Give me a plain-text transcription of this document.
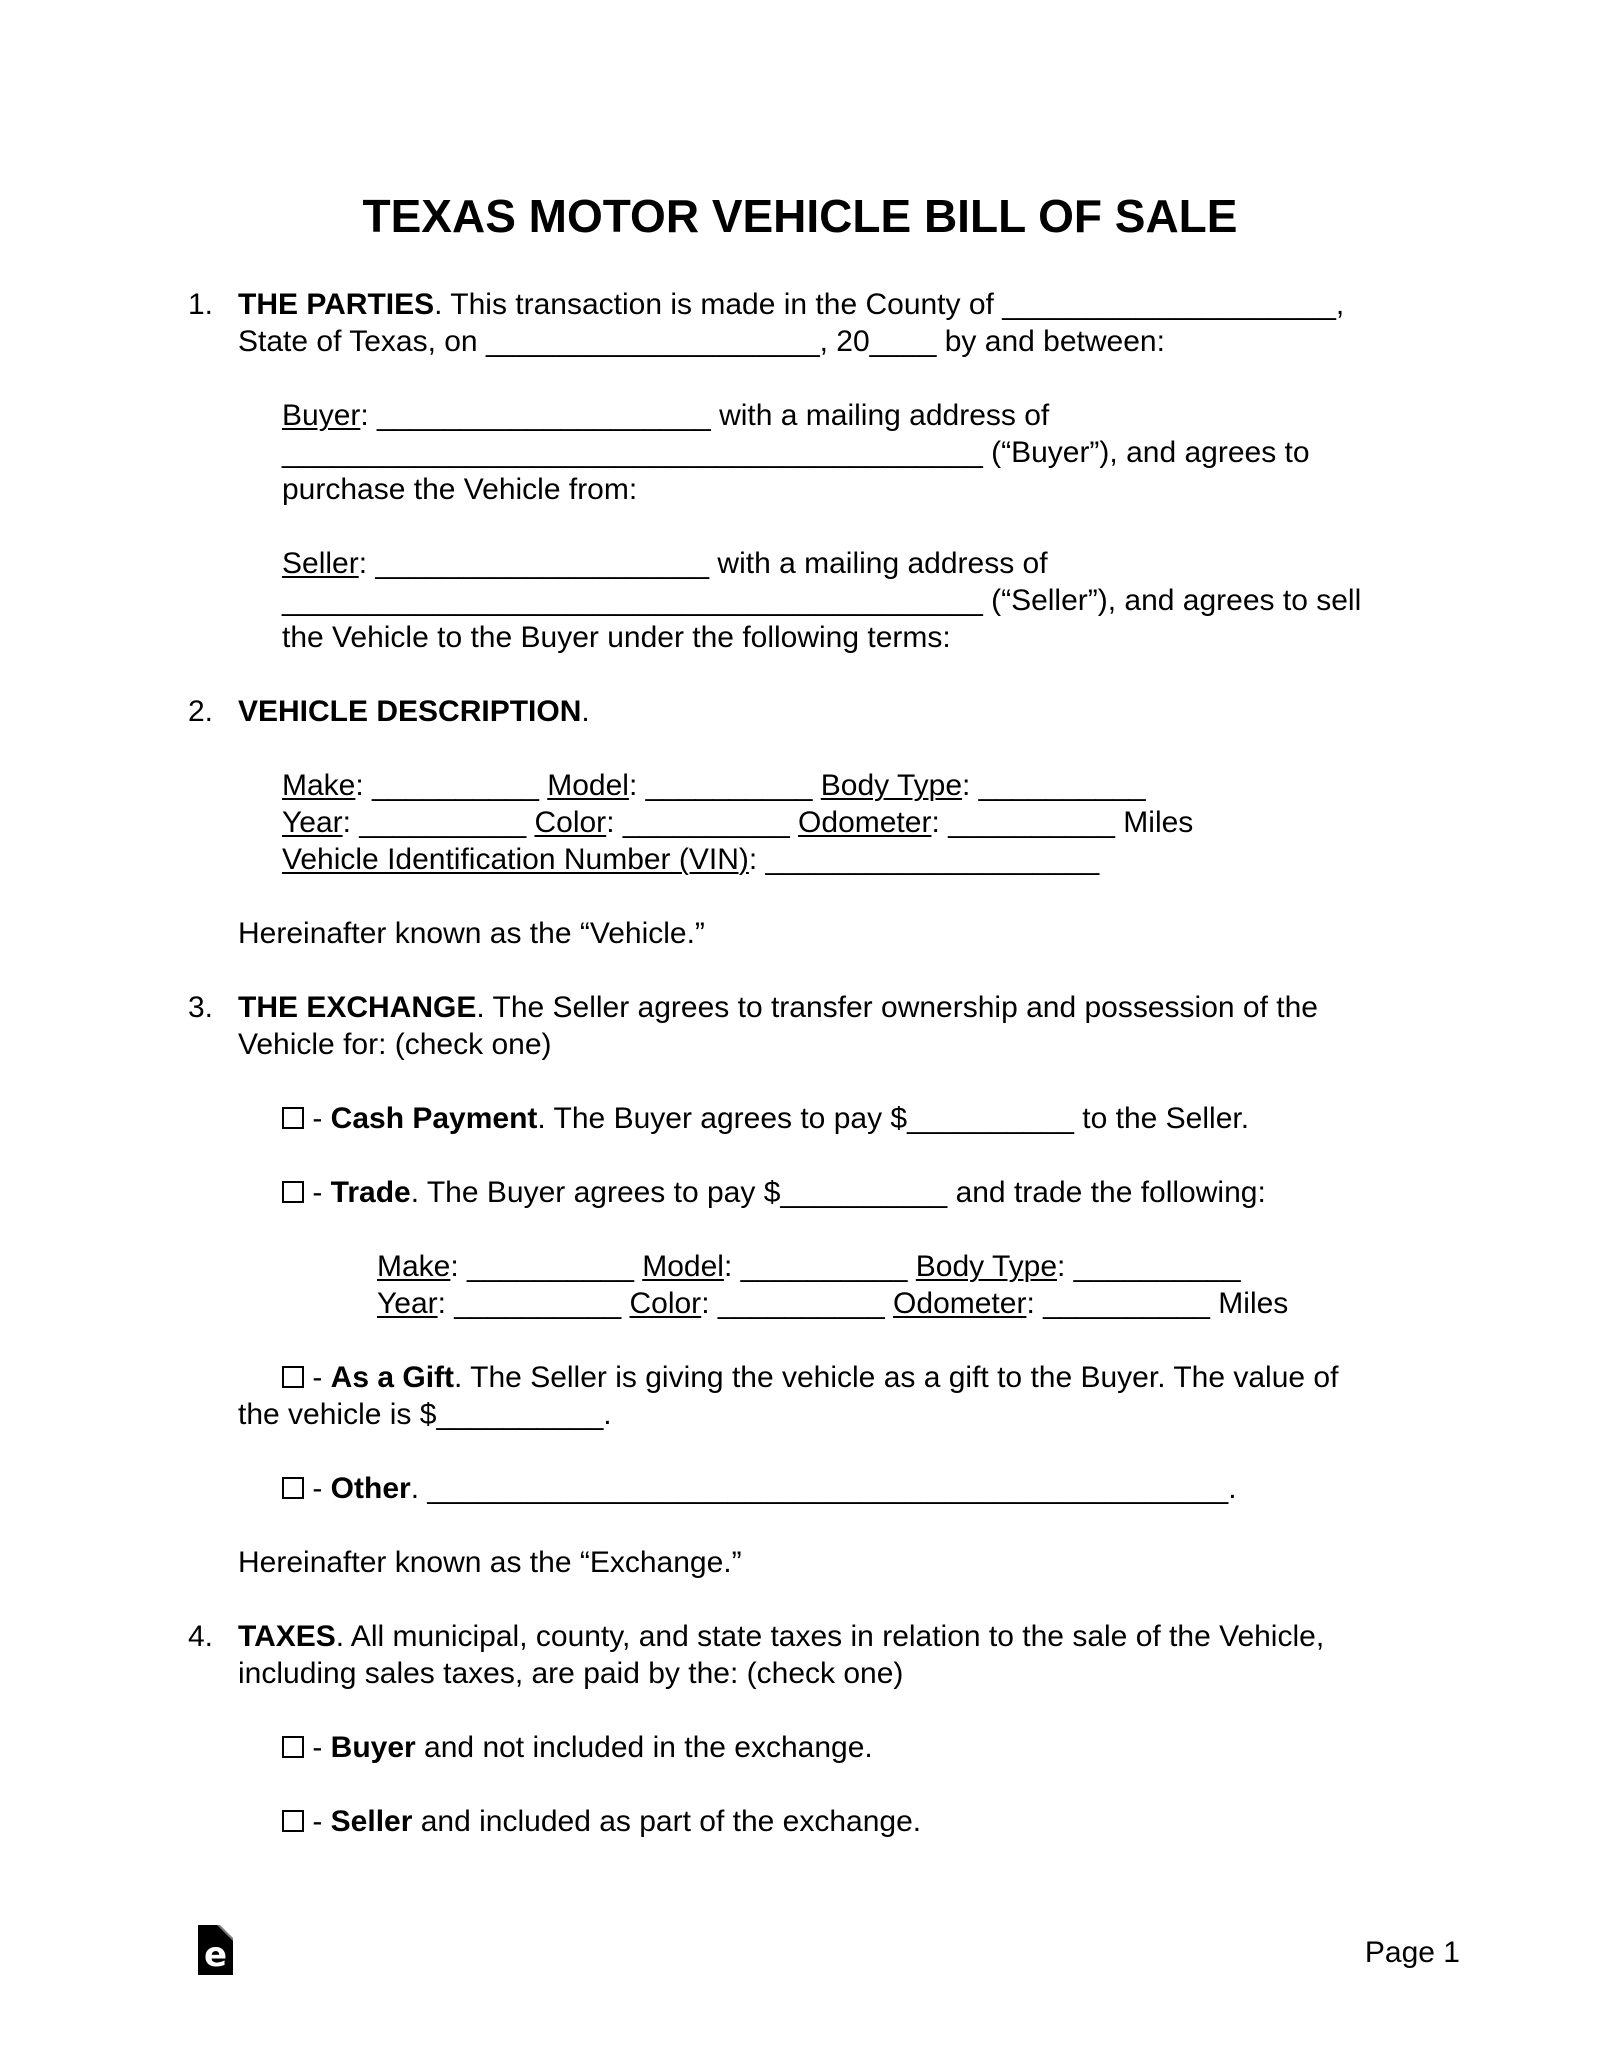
TEXAS MOTOR VEHICLE BILL OF SALE
1. THE PARTIES. This transaction is made in the County of ____________________,
State of Texas, on ____________________, 20____ by and between:
Buyer: ____________________ with a mailing address of
__________________________________________ (“Buyer”), and agrees to
purchase the Vehicle from:
Seller: ____________________ with a mailing address of
__________________________________________ (“Seller”), and agrees to sell
the Vehicle to the Buyer under the following terms:
2. VEHICLE DESCRIPTION.
Make: __________ Model: __________ Body Type: __________
Year: __________ Color: __________ Odometer: __________ Miles
Vehicle Identification Number (VIN): ____________________
Hereinafter known as the “Vehicle.”
3. THE EXCHANGE. The Seller agrees to transfer ownership and possession of the
Vehicle for: (check one)
- Cash Payment. The Buyer agrees to pay $__________ to the Seller.
- Trade. The Buyer agrees to pay $__________ and trade the following:
Make: __________ Model: __________ Body Type: __________
Year: __________ Color: __________ Odometer: __________ Miles
- As a Gift. The Seller is giving the vehicle as a gift to the Buyer. The value of
the vehicle is $__________.
- Other. ________________________________________________.
Hereinafter known as the “Exchange.”
4. TAXES. All municipal, county, and state taxes in relation to the sale of the Vehicle,
including sales taxes, are paid by the: (check one)
- Buyer and not included in the exchange.
- Seller and included as part of the exchange.
e	Page 1
